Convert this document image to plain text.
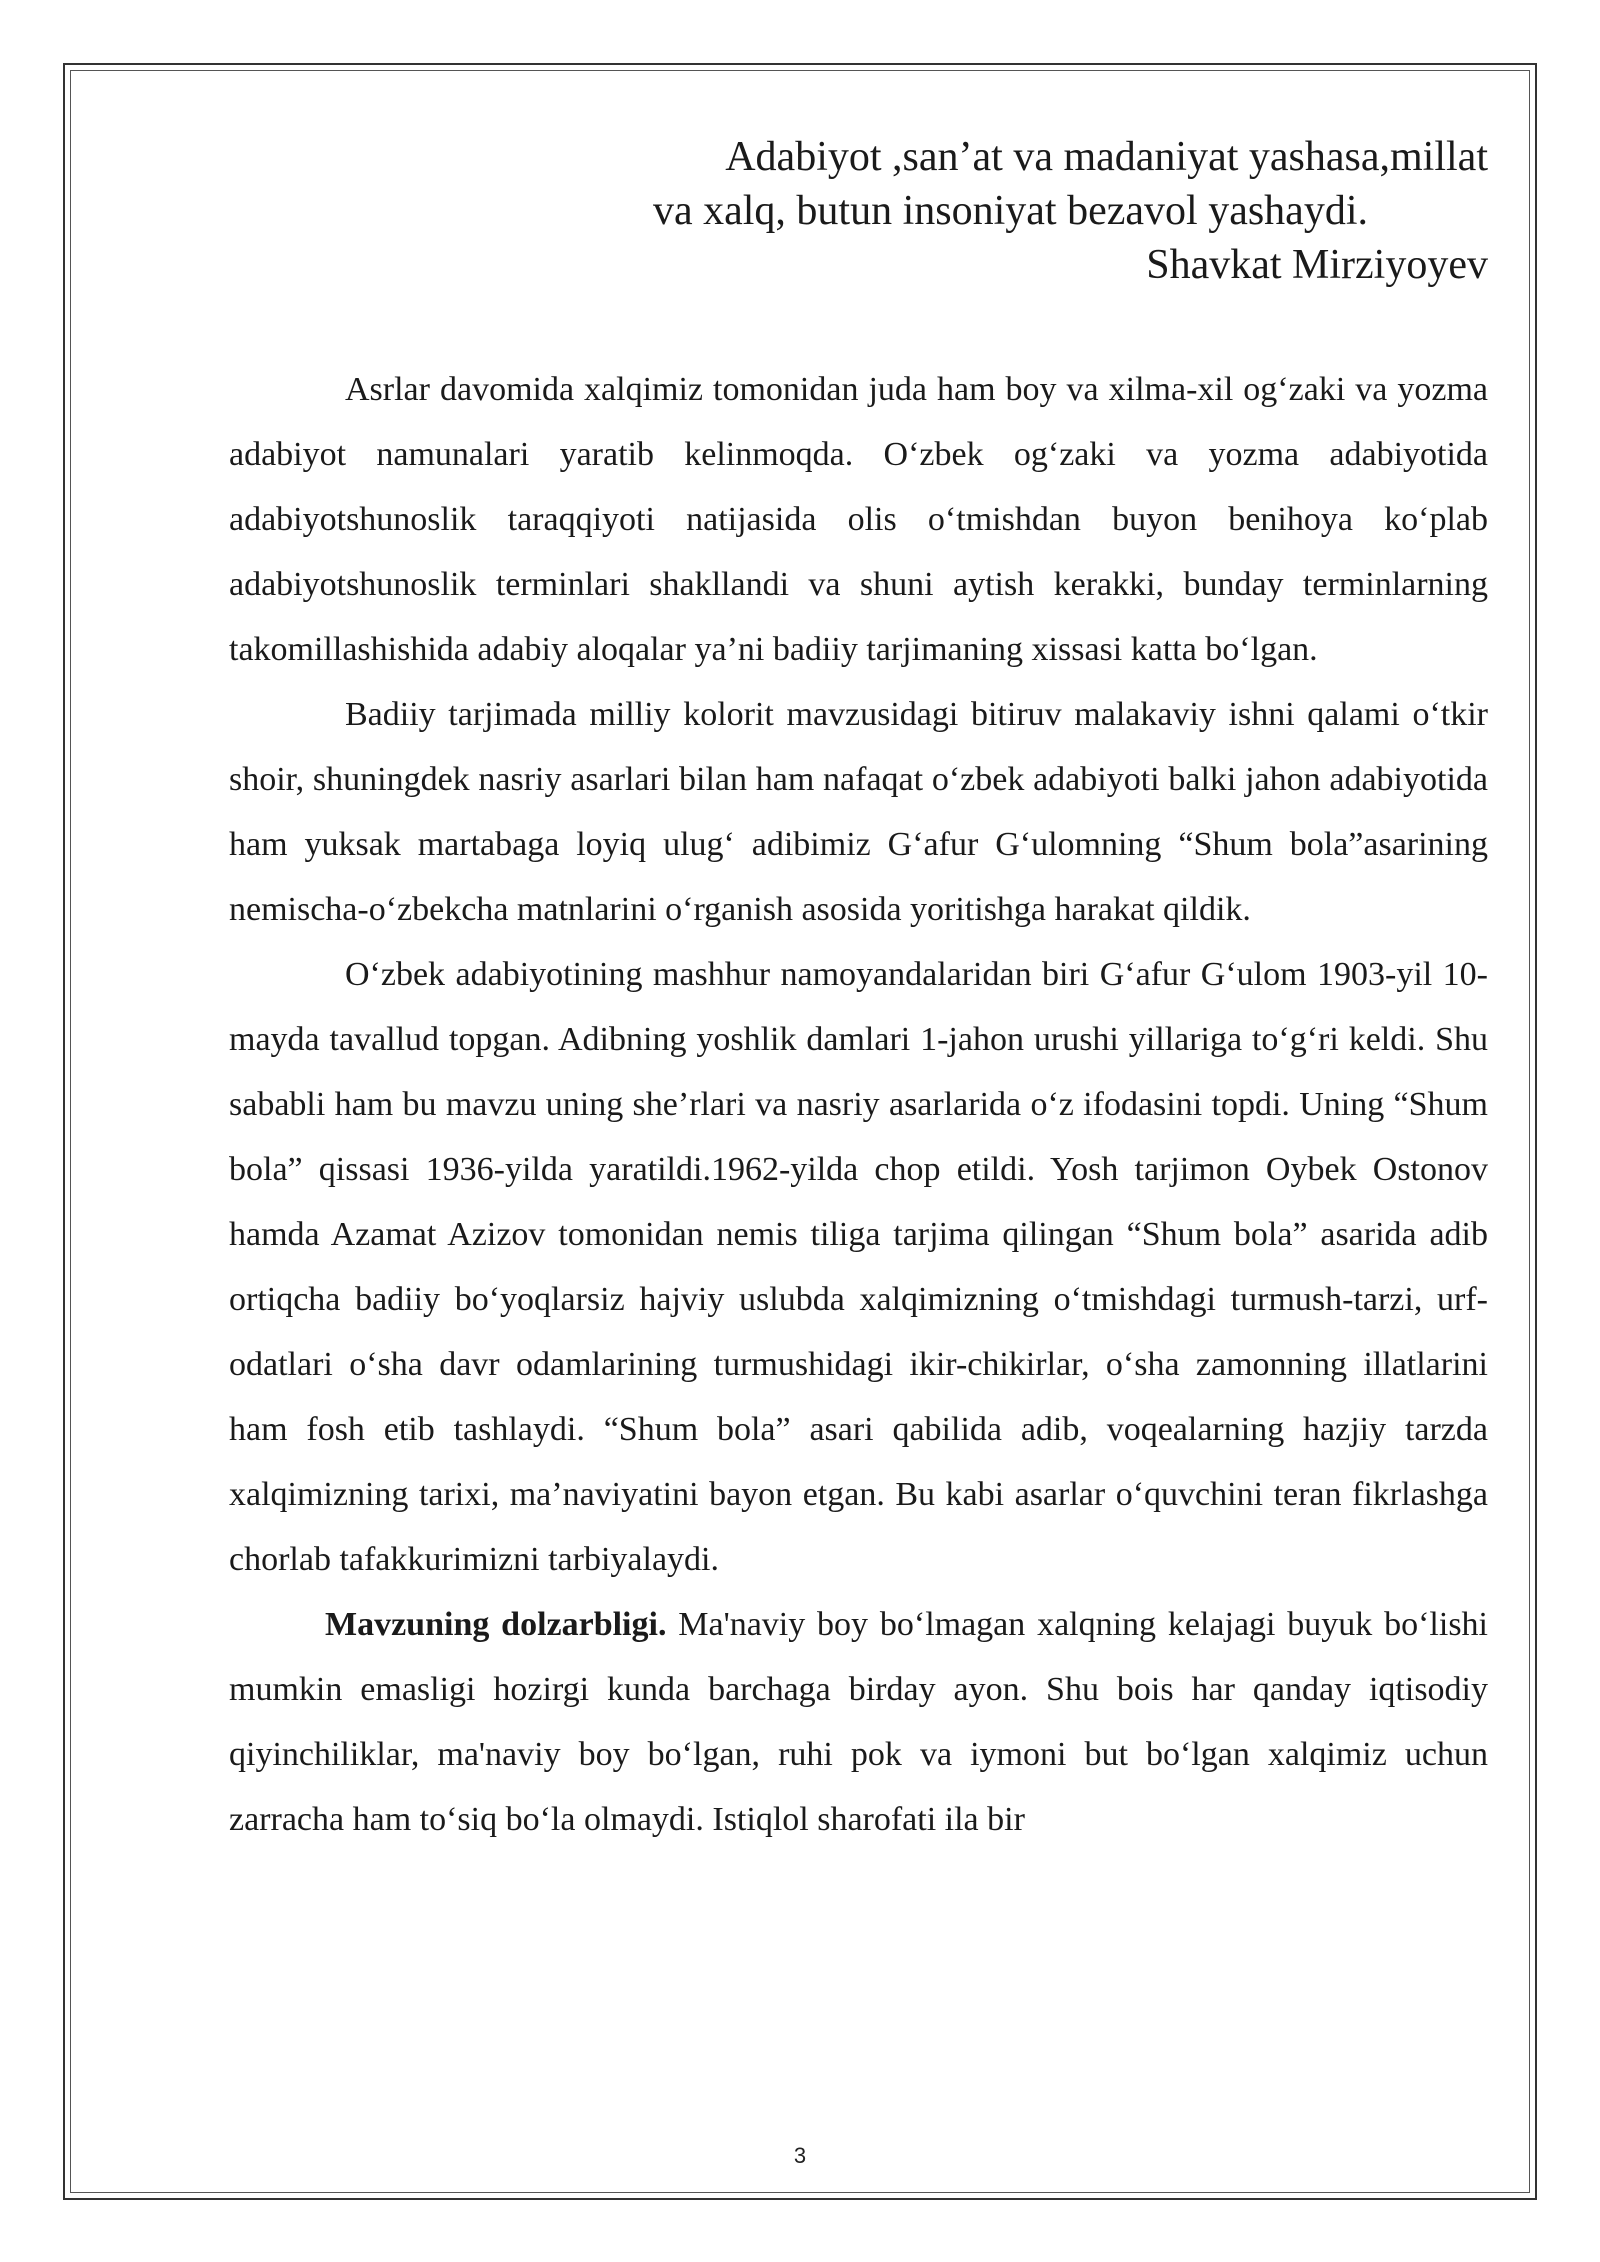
Adabiyot ,san’at va madaniyat yashasa,millat
va xalq, butun insoniyat bezavol yashaydi.
Shavkat Mirziyoyev

Asrlar davomida xalqimiz tomonidan juda ham boy va xilma-xil og‘zaki va yozma adabiyot namunalari yaratib kelinmoqda. O‘zbek og‘zaki va yozma adabiyotida adabiyotshunoslik taraqqiyoti natijasida olis o‘tmishdan buyon benihoya ko‘plab adabiyotshunoslik terminlari shakllandi va shuni aytish kerakki, bunday terminlarning takomillashishida adabiy aloqalar ya’ni badiiy tarjimaning xissasi katta bo‘lgan.

Badiiy tarjimada milliy kolorit mavzusidagi bitiruv malakaviy ishni qalami o‘tkir shoir, shuningdek nasriy asarlari bilan ham nafaqat o‘zbek adabiyoti balki jahon adabiyotida ham yuksak martabaga loyiq ulug‘ adibimiz G‘afur G‘ulomning “Shum bola”asarining nemischa-o‘zbekcha matnlarini o‘rganish asosida yoritishga harakat qildik.

O‘zbek adabiyotining mashhur namoyandalaridan biri G‘afur G‘ulom 1903-yil 10- mayda tavallud topgan. Adibning yoshlik damlari 1-jahon urushi yillariga to‘g‘ri keldi. Shu sababli ham bu mavzu uning she’rlari va nasriy asarlarida o‘z ifodasini topdi. Uning “Shum bola” qissasi 1936-yilda yaratildi.1962-yilda chop etildi. Yosh tarjimon Oybek Ostonov hamda Azamat Azizov tomonidan nemis tiliga tarjima qilingan “Shum bola” asarida adib ortiqcha badiiy bo‘yoqlarsiz hajviy uslubda xalqimizning o‘tmishdagi turmush-tarzi, urf-odatlari o‘sha davr odamlarining turmushidagi ikir-chikirlar, o‘sha zamonning illatlarini ham fosh etib tashlaydi. “Shum bola” asari qabilida adib, voqealarning hazjiy tarzda xalqimizning tarixi, ma’naviyatini bayon etgan. Bu kabi asarlar o‘quvchini teran fikrlashga chorlab tafakkurimizni tarbiyalaydi.

Mavzuning dolzarbligi. Ma'naviy boy bo‘lmagan xalqning kelajagi buyuk bo‘lishi mumkin emasligi hozirgi kunda barchaga birday ayon. Shu bois har qanday iqtisodiy qiyinchiliklar, ma'naviy boy bo‘lgan, ruhi pok va iymoni but bo‘lgan xalqimiz uchun zarracha ham to‘siq bo‘la olmaydi. Istiqlol sharofati ila bir

3
